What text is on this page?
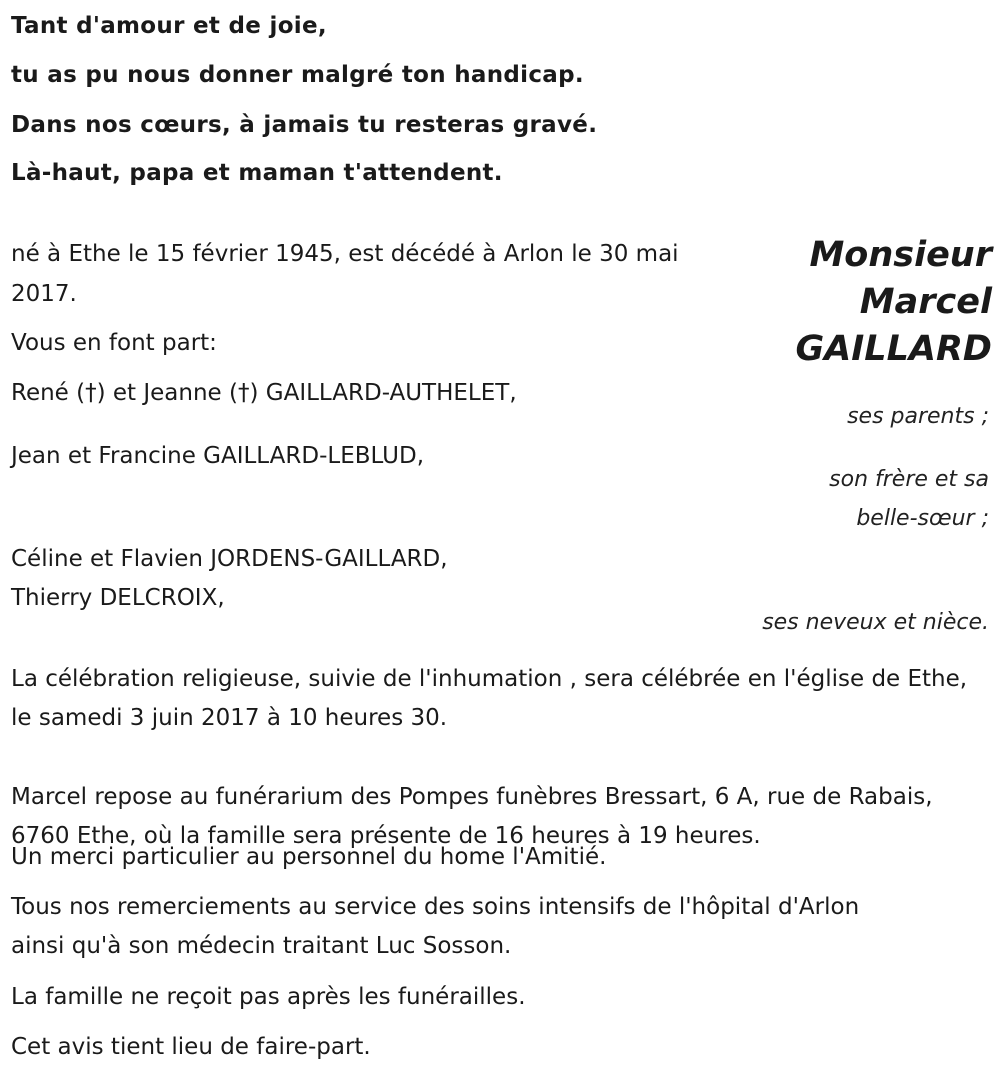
Tant d'amour et de joie,
tu as pu nous donner malgré ton handicap.
Dans nos cœurs, à jamais tu resteras gravé.
Là-haut, papa et maman t'attendent.
Monsieur
Marcel
GAILLARD
né à Ethe le 15 février 1945, est décédé à Arlon le 30 mai 2017.
Vous en font part:
René (†) et Jeanne (†) GAILLARD-AUTHELET,
Jean et Francine GAILLARD-LEBLUD,
Céline et Flavien JORDENS-GAILLARD,
Thierry DELCROIX,
ses parents ;
son frère et sa
belle-sœur ;
ses neveux et nièce.
La célébration religieuse, suivie de l'inhumation , sera célébrée en l'église de Ethe, le samedi 3 juin 2017 à 10 heures 30.
Marcel repose au funérarium des Pompes funèbres Bressart, 6 A, rue de Rabais, 6760 Ethe, où la famille sera présente de 16 heures à 19 heures.
Un merci particulier au personnel du home l'Amitié.
Tous nos remerciements au service des soins intensifs de l'hôpital d'Arlon ainsi qu'à son médecin traitant Luc Sosson.
La famille ne reçoit pas après les funérailles.
Cet avis tient lieu de faire-part.
